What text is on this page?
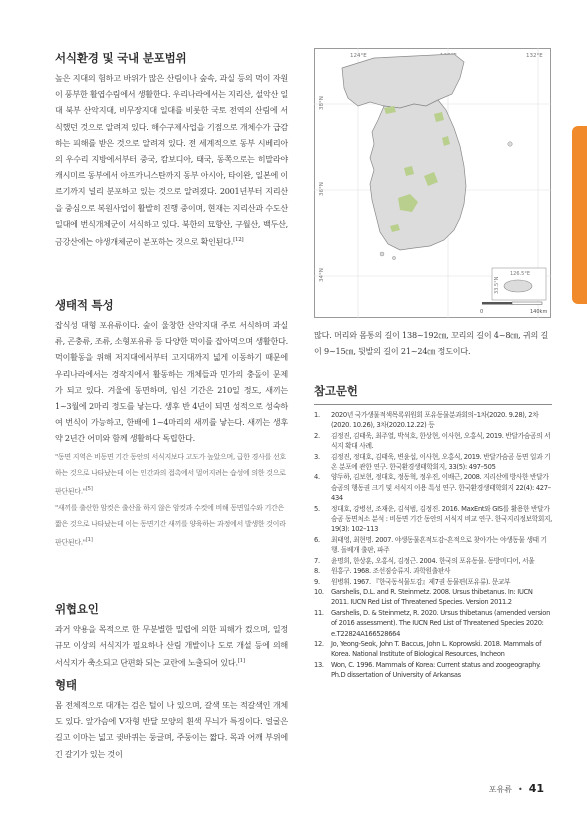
서식환경 및 국내 분포범위

높은 지대의 험하고 바위가 많은 산림이나 숲속, 과실 등의 먹이 자원이 풍부한 활엽수림에서 생활한다. 우리나라에서는 지리산, 설악산 일대 북부 산악지대, 비무장지대 일대를 비롯한 국토 전역의 산림에 서식했던 것으로 알려져 있다. 해수구제사업을 기점으로 개체수가 급감하는 피해를 받은 것으로 알려져 있다. 전 세계적으로 동부 시베리아의 우수리 지방에서부터 중국, 캄보디아, 태국, 동쪽으로는 히말라야 캐시미르 동부에서 아프카니스탄까지 동부 아시아, 타이완, 일본에 이르기까지 널리 분포하고 있는 것으로 알려졌다. 2001년부터 지리산을 중심으로 복원사업이 활발히 진행 중이며, 현재는 지리산과 수도산 일대에 번식개체군이 서식하고 있다. 북한의 묘향산, 구월산, 백두산, 금강산에는 야생개체군이 분포하는 것으로 확인된다.[12]

생태적 특성

잡식성 대형 포유류이다. 숲이 울창한 산악지대 주로 서식하며 과실류, 곤충류, 조류, 소형포유류 등 다양한 먹이를 잡아먹으며 생활한다. 먹이활동을 위해 저지대에서부터 고지대까지 넓게 이동하기 때문에 우리나라에서는 경작지에서 활동하는 개체들과 민가의 충돌이 문제가 되고 있다. 겨울에 동면하며, 임신 기간은 210일 정도, 새끼는 1~3월에 2마리 정도를 낳는다. 생후 반 4년이 되면 성적으로 성숙하여 번식이 가능하고, 한배에 1~4마리의 새끼를 낳는다. 새끼는 생후 약 2년간 어미와 함께 생활하다 독립한다.

"동면 지역은 비동면 기간 동안의 서식지보다 고도가 높았으며, 급한 경사를 선호하는 것으로 나타났는데 이는 인간과의 접촉에서 멀어지려는 습성에 의한 것으로 판단된다."[5]

"새끼를 출산한 암컷은 출산을 하지 않은 암컷과 수컷에 비해 동면일수와 기간은 짧은 것으로 나타났는데 이는 동면기간 새끼를 양육하는 과정에서 발생한 것이라 판단된다."[1]

위협요인

과거 약용을 목적으로 한 무분별한 밀렵에 의한 피해가 컸으며, 일정 규모 이상의 서식지가 필요하나 산림 개발이나 도로 개설 등에 의해 서식지가 축소되고 단편화 되는 교란에 노출되어 있다.[1]

형태

몸 전체적으로 대개는 검은 털이 나 있으며, 갈색 또는 적갈색인 개체도 있다. 앞가슴에 V자형 반달 모양의 흰색 무늬가 특징이다. 얼굴은 길고 이마는 넓고 귓바퀴는 둥글며, 주둥이는 짧다. 목과 어깨 부위에 긴 갈기가 있는 것이

124°E	132°E
38°N
36°N
34°N	126.5°E
33.5°N
0	140km
많다. 머리와 몸통의 길이 138~192㎝, 꼬리의 길이 4~8㎝, 귀의 길이 9~15㎝, 뒷발의 길이 21~24㎝ 정도이다.
참고문헌
1.	2020년 국가생물적색목록위원회 포유동물분과회의–1차(2020. 9.28), 2차(2020. 10.26), 3차(2020.12.22) 등
2.	김정진, 김태욱, 최주열, 박석호, 한상현, 이사현, 오홍식, 2019. 반달가슴곰의 서식지 확대 사례.
3.	김정진, 정대호, 김태욱, 변윤섭, 이사현, 오홍식, 2019. 반달가슴곰 동면 일과 기온 분포에 관한 연구. 한국환경생태학회지, 33(5): 497–505
4.	양두하, 김보현, 정대호, 정동혁, 정우진, 이배근, 2008. 지리산에 방사한 반달가슴곰의 행동권 크기 및 서식지 이용 특성 연구. 한국환경생태학회지 22(4): 427–434
5.	정대호, 강병선, 조재운, 김석범, 김정진. 2016. MaxEnt와 GIS를 활용한 반달가슴곰 동면처소 분석 : 비동면 기간 동안의 서식지 비교 연구. 한국지리정보학회지, 19(3): 102–113
6.	최태영, 최현명. 2007. 야생동물흔적도감–흔적으로 찾아가는 야생동물 생태 기행. 돌베개 출판, 파주
7.	윤명희, 한상훈, 오홍식, 김정근. 2004. 한국의 포유동물. 동방미디어, 서울
8.	원홍구. 1968. 조선짐승류지. 과학원출판사
9.	원병휘. 1967. 『한국동식물도감』제7권 동물편(포유류). 문교부
10.	Garshelis, D.L. and R. Steinmetz. 2008. Ursus thibetanus. In: IUCN 2011. IUCN Red List of Threatened Species. Version 2011.2
11.	Garshelis, D. & Steinmetz, R. 2020. Ursus thibetanus (amended version of 2016 assessment). The IUCN Red List of Threatened Species 2020: e.T22824A166528664
12.	Jo, Yeong-Seok, John T. Baccus, John L. Koprowski. 2018. Mammals of Korea. National Institute of Biological Resources, Incheon
13.	Won, C. 1996. Mammals of Korea: Current status and zoogeography. Ph.D dissertation of University of Arkansas
포유류 • 41
